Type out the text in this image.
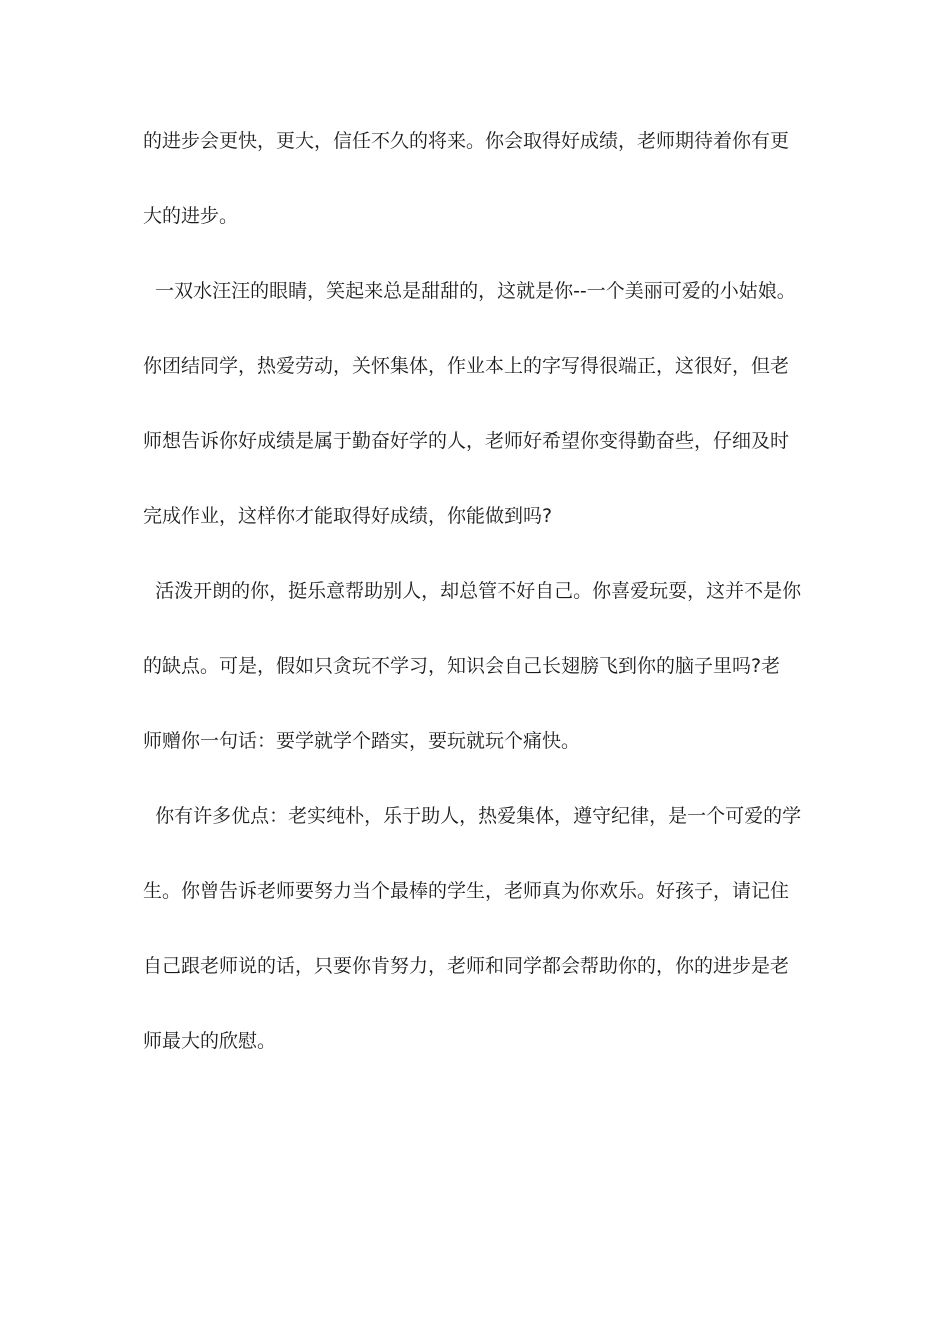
的进步会更快，更大，信任不久的将来。你会取得好成绩，老师期待着你有更
大的进步。
一双水汪汪的眼睛，笑起来总是甜甜的，这就是你--一个美丽可爱的小姑娘。
你团结同学，热爱劳动，关怀集体，作业本上的字写得很端正，这很好，但老
师想告诉你好成绩是属于勤奋好学的人，老师好希望你变得勤奋些，仔细及时
完成作业，这样你才能取得好成绩，你能做到吗?
活泼开朗的你，挺乐意帮助别人，却总管不好自己。你喜爱玩耍，这并不是你
的缺点。可是，假如只贪玩不学习，知识会自己长翅膀飞到你的脑子里吗?老
师赠你一句话：要学就学个踏实，要玩就玩个痛快。
你有许多优点：老实纯朴，乐于助人，热爱集体，遵守纪律，是一个可爱的学
生。你曾告诉老师要努力当个最棒的学生，老师真为你欢乐。好孩子，请记住
自己跟老师说的话，只要你肯努力，老师和同学都会帮助你的，你的进步是老
师最大的欣慰。
